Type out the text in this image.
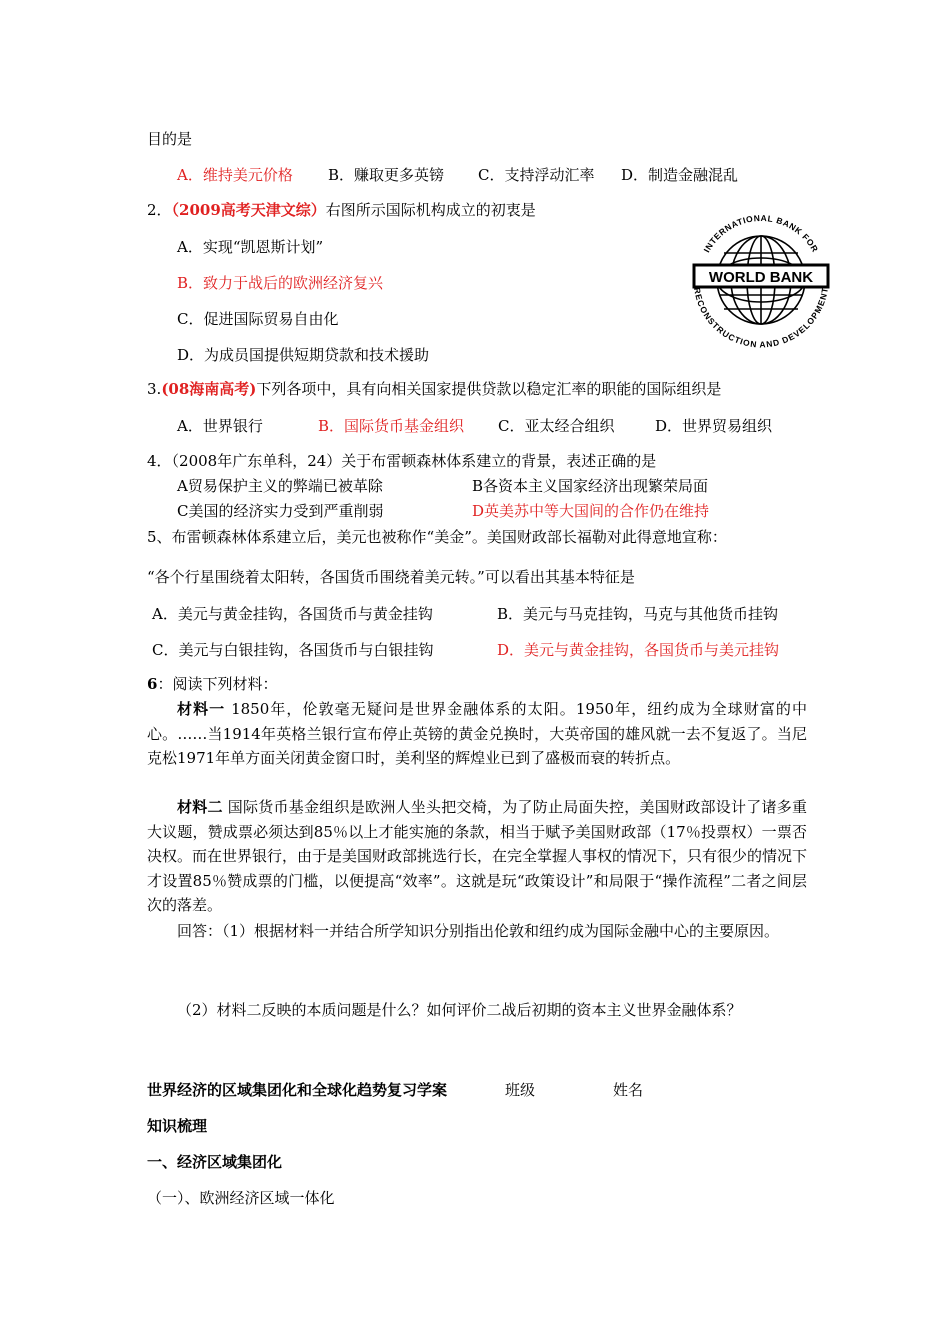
目的是
A．维持美元价格 B．赚取更多英镑 C．支持浮动汇率 D．制造金融混乱
2．（2009高考天津文综）右图所示国际机构成立的初衷是
A．实现“凯恩斯计划”
B．致力于战后的欧洲经济复兴
C．促进国际贸易自由化
D．为成员国提供短期贷款和技术援助
WORLD BANK
INTERNATIONAL BANK FOR
RECONSTRUCTION AND DEVELOPMENT
3.(08海南高考)下列各项中，具有向相关国家提供贷款以稳定汇率的职能的国际组织是
A．世界银行	B．国际货币基金组织 C．亚太经合组织	D．世界贸易组织
4．（2008年广东单科，24）关于布雷顿森林体系建立的背景，表述正确的是
A贸易保护主义的弊端已被革除	B各资本主义国家经济出现繁荣局面
C美国的经济实力受到严重削弱	D英美苏中等大国间的合作仍在维持
5、布雷顿森林体系建立后，美元也被称作“美金”。美国财政部长福勒对此得意地宣称：
“各个行星围绕着太阳转，各国货币围绕着美元转。”可以看出其基本特征是
A．美元与黄金挂钩，各国货币与黄金挂钩	B．美元与马克挂钩，马克与其他货币挂钩
C．美元与白银挂钩，各国货币与白银挂钩	D．美元与黄金挂钩，各国货币与美元挂钩
6：阅读下列材料：
材料一 1850年，伦敦毫无疑问是世界金融体系的太阳。1950年，纽约成为全球财富的中心。……当1914年英格兰银行宣布停止英镑的黄金兑换时，大英帝国的雄风就一去不复返了。当尼克松1971年单方面关闭黄金窗口时，美利坚的辉煌业已到了盛极而衰的转折点。
材料二 国际货币基金组织是欧洲人坐头把交椅，为了防止局面失控，美国财政部设计了诸多重大议题，赞成票必须达到85％以上才能实施的条款，相当于赋予美国财政部（17％投票权）一票否决权。而在世界银行，由于是美国财政部挑选行长，在完全掌握人事权的情况下，只有很少的情况下才设置85％赞成票的门槛，以便提高“效率”。这就是玩“政策设计”和局限于“操作流程”二者之间层次的落差。
回答：（1）根据材料一并结合所学知识分别指出伦敦和纽约成为国际金融中心的主要原因。
（2）材料二反映的本质问题是什么？如何评价二战后初期的资本主义世界金融体系？
世界经济的区域集团化和全球化趋势复习学案	班级	姓名
知识梳理
一、经济区域集团化
（一）、欧洲经济区域一体化
